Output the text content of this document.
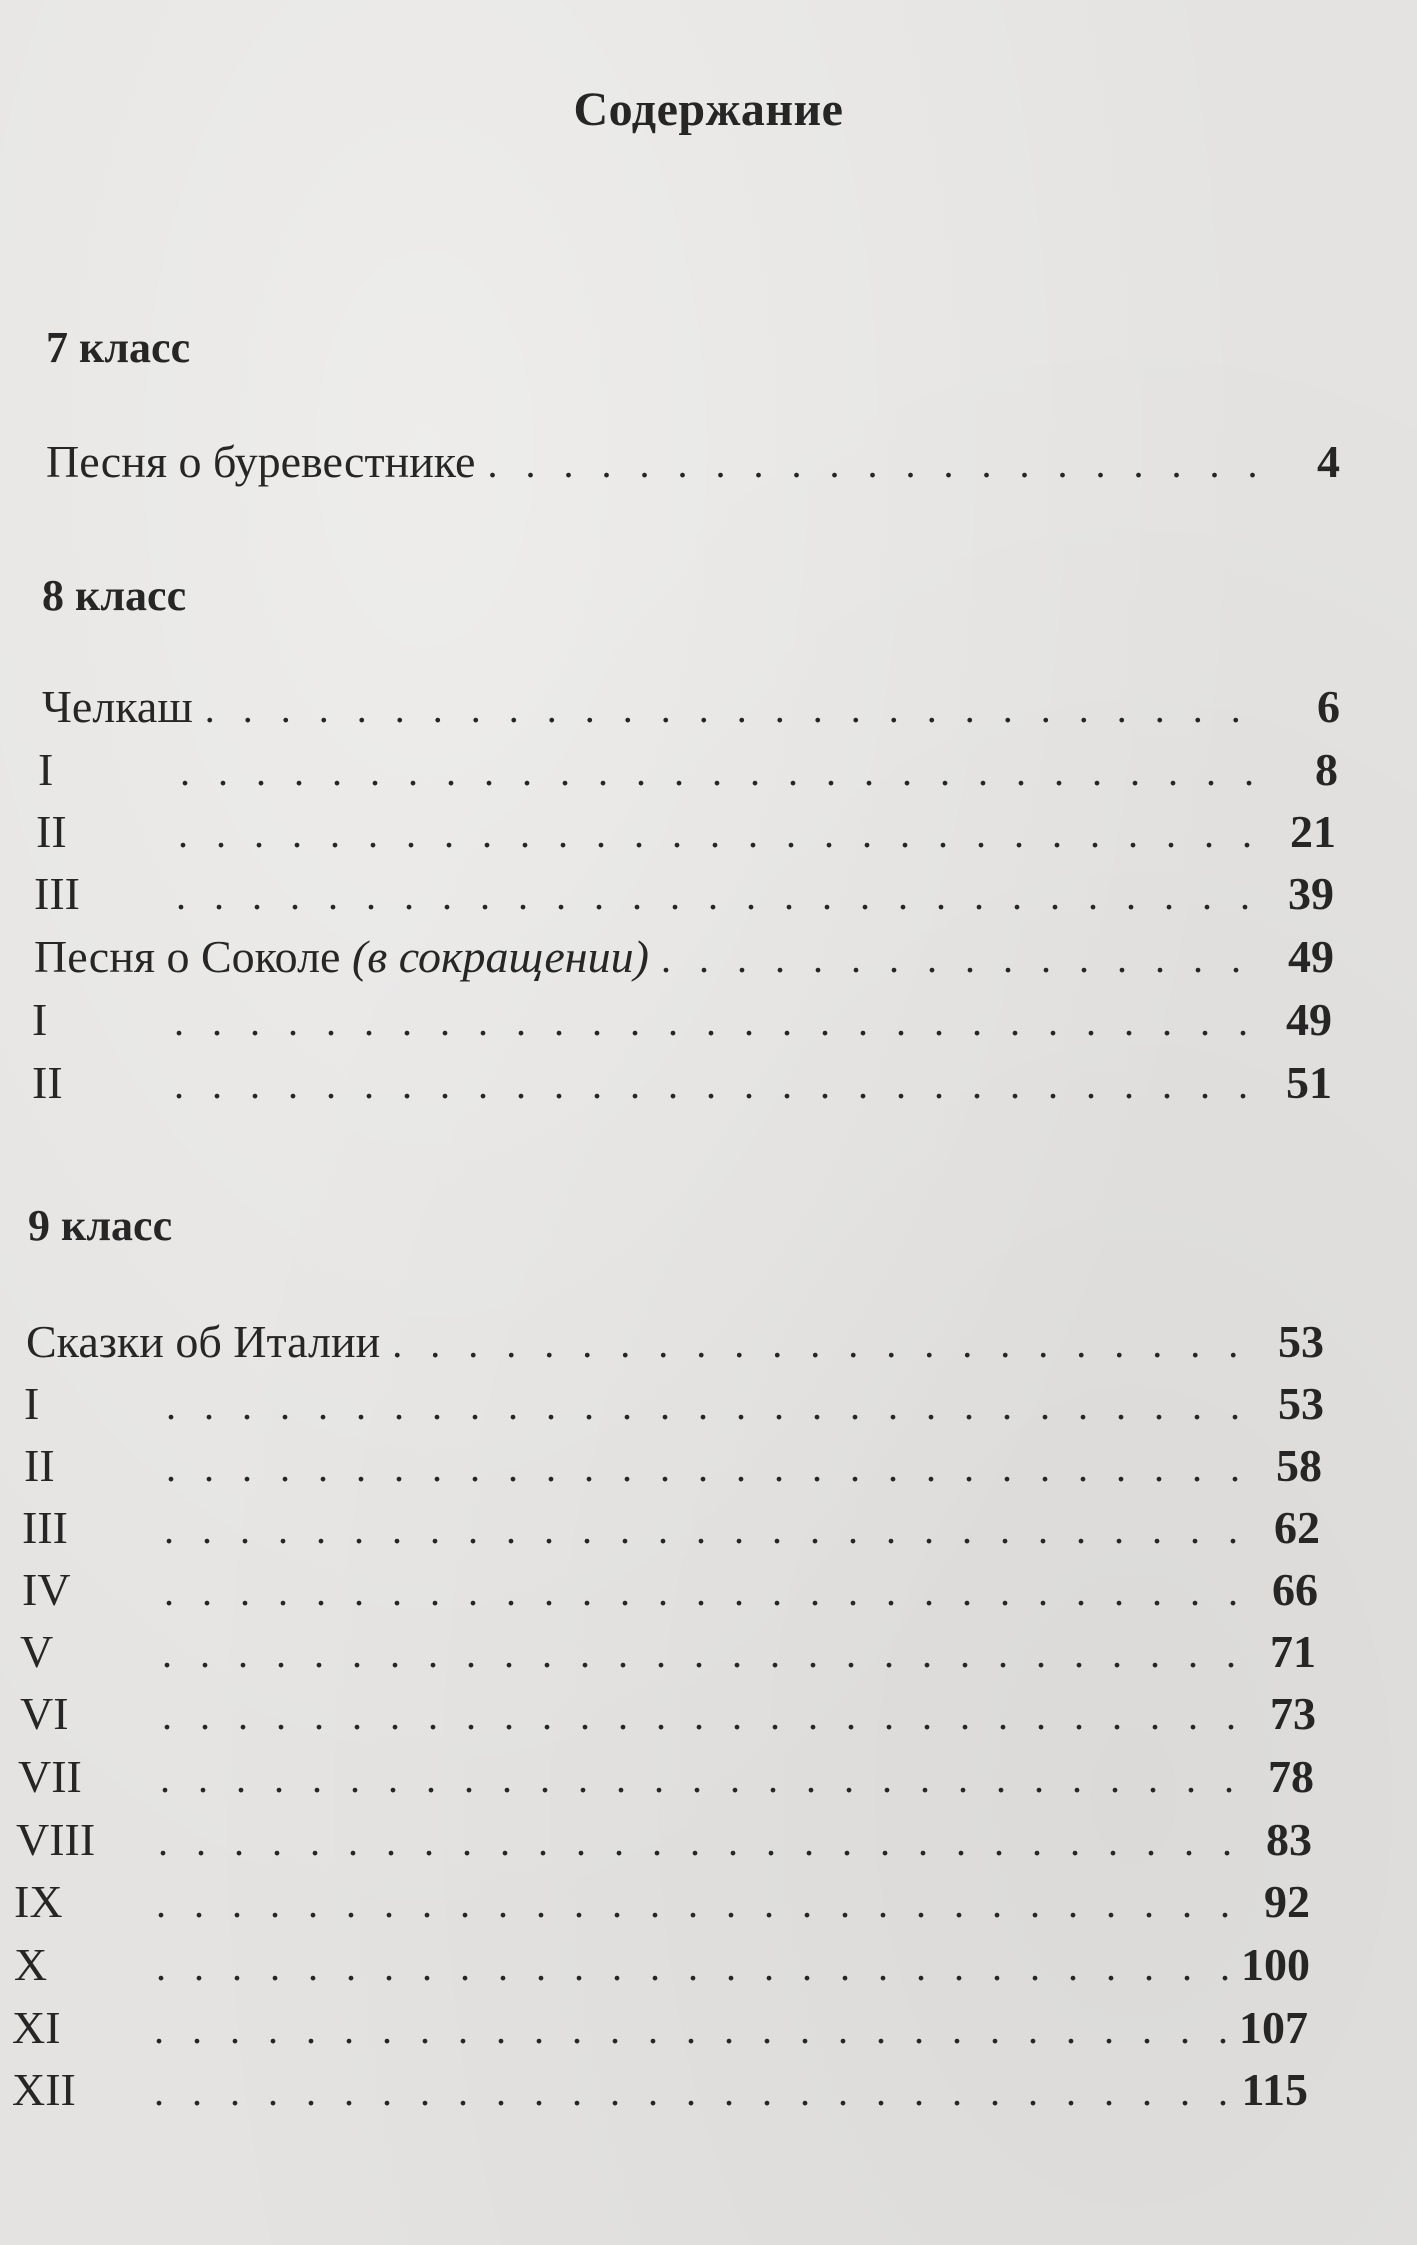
Содержание
7 класс
Песня о буревестнике . . .	4
8 класс
Челкаш . . .	6
I . . .	8
II . . .	21
III . . .	39
Песня о Соколе (в сокращении) . . .	49
I . . .	49
II . . .	51
9 класс
Сказки об Италии . . .	53
I . . .	53
II . . .	58
III . . .	62
IV . . .	66
V . . .	71
VI . . .	73
VII . . .	78
VIII . . .	83
IX . . .	92
X . . .	100
XI . . .	107
XII . . .	115
